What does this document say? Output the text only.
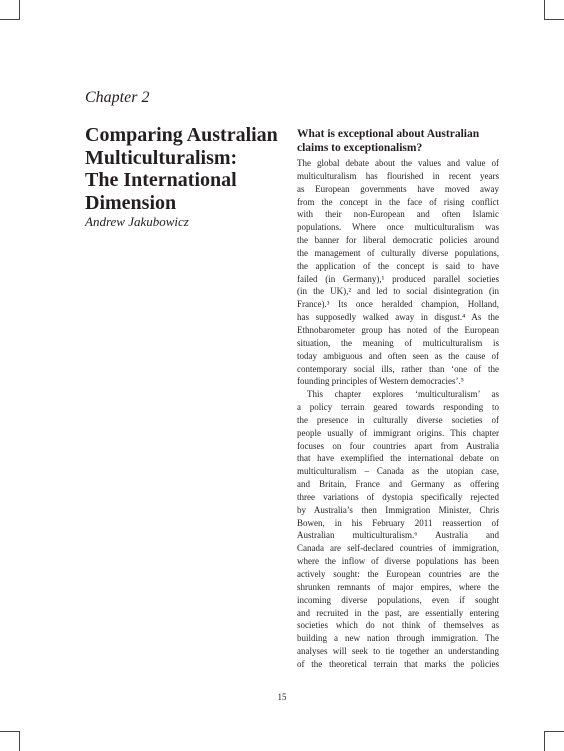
Chapter 2

Comparing Australian
Multiculturalism:
The International
Dimension

Andrew Jakubowicz

What is exceptional about Australian
claims to exceptionalism?
The global debate about the values and value of
multiculturalism has flourished in recent years
as European governments have moved away
from the concept in the face of rising conflict
with their non-European and often Islamic
populations. Where once multiculturalism was
the banner for liberal democratic policies around
the management of culturally diverse populations,
the application of the concept is said to have
failed (in Germany),¹ produced parallel societies
(in the UK),² and led to social disintegration (in
France).³ Its once heralded champion, Holland,
has supposedly walked away in disgust.⁴ As the
Ethnobarometer group has noted of the European
situation, the meaning of multiculturalism is
today ambiguous and often seen as the cause of
contemporary social ills, rather than ‘one of the
founding principles of Western democracies’.⁵
This chapter explores ‘multiculturalism’ as
a policy terrain geared towards responding to
the presence in culturally diverse societies of
people usually of immigrant origins. This chapter
focuses on four countries apart from Australia
that have exemplified the international debate on
multiculturalism – Canada as the utopian case,
and Britain, France and Germany as offering
three variations of dystopia specifically rejected
by Australia’s then Immigration Minister, Chris
Bowen, in his February 2011 reassertion of
Australian multiculturalism.⁶ Australia and
Canada are self-declared countries of immigration,
where the inflow of diverse populations has been
actively sought: the European countries are the
shrunken remnants of major empires, where the
incoming diverse populations, even if sought
and recruited in the past, are essentially entering
societies which do not think of themselves as
building a new nation through immigration. The
analyses will seek to tie together an understanding
of the theoretical terrain that marks the policies

15
